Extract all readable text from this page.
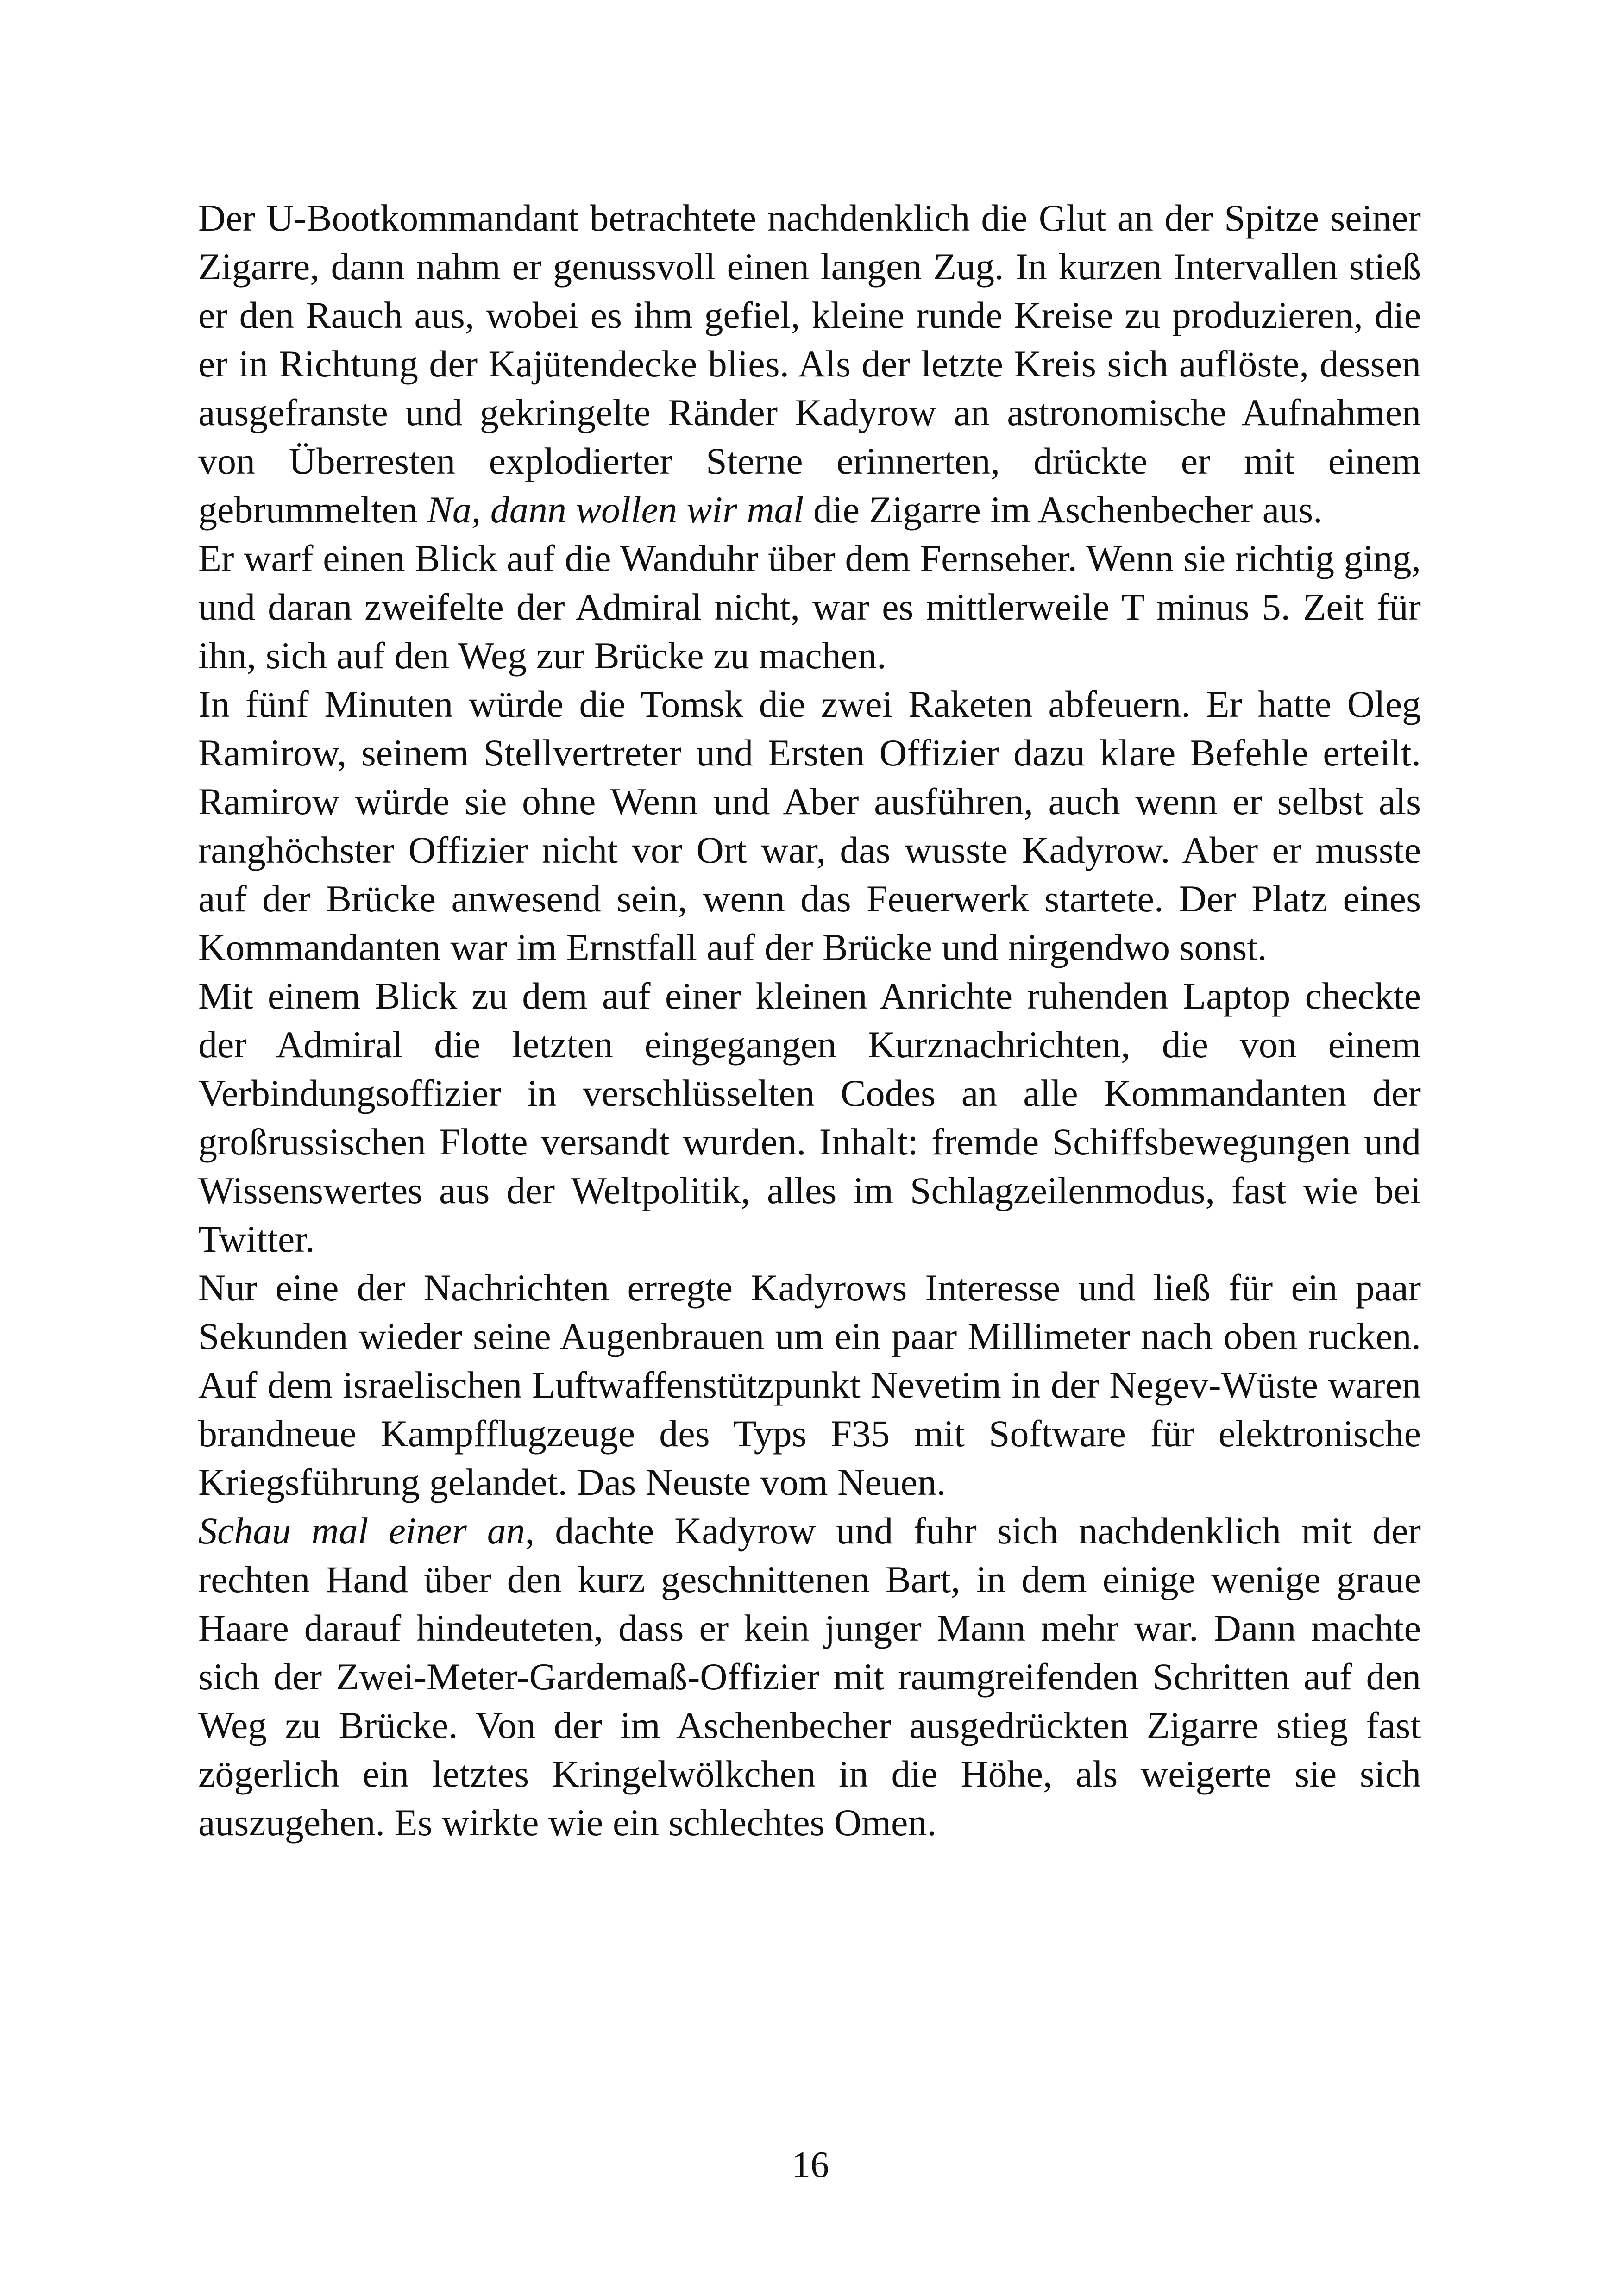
Der U-Bootkommandant betrachtete nachdenklich die Glut an der Spitze seiner Zigarre, dann nahm er genussvoll einen langen Zug. In kurzen Intervallen stieß er den Rauch aus, wobei es ihm gefiel, kleine runde Kreise zu produzieren, die er in Richtung der Kajütendecke blies. Als der letzte Kreis sich auflöste, dessen ausgefranste und gekringelte Ränder Kadyrow an astronomische Aufnahmen von Überresten explodierter Sterne erinnerten, drückte er mit einem gebrummelten Na, dann wollen wir mal die Zigarre im Aschenbecher aus.

Er warf einen Blick auf die Wanduhr über dem Fernseher. Wenn sie richtig ging, und daran zweifelte der Admiral nicht, war es mittlerweile T minus 5. Zeit für ihn, sich auf den Weg zur Brücke zu machen.

In fünf Minuten würde die Tomsk die zwei Raketen abfeuern. Er hatte Oleg Ramirow, seinem Stellvertreter und Ersten Offizier dazu klare Befehle erteilt. Ramirow würde sie ohne Wenn und Aber ausführen, auch wenn er selbst als ranghöchster Offizier nicht vor Ort war, das wusste Kadyrow. Aber er musste auf der Brücke anwesend sein, wenn das Feuerwerk startete. Der Platz eines Kommandanten war im Ernstfall auf der Brücke und nirgendwo sonst.

Mit einem Blick zu dem auf einer kleinen Anrichte ruhenden Laptop checkte der Admiral die letzten eingegangen Kurznachrichten, die von einem Verbindungsoffizier in verschlüsselten Codes an alle Kommandanten der großrussischen Flotte versandt wurden. Inhalt: fremde Schiffsbewegungen und Wissenswertes aus der Weltpolitik, alles im Schlagzeilenmodus, fast wie bei Twitter.

Nur eine der Nachrichten erregte Kadyrows Interesse und ließ für ein paar Sekunden wieder seine Augenbrauen um ein paar Millimeter nach oben rucken. Auf dem israelischen Luftwaffenstützpunkt Nevetim in der Negev-Wüste waren brandneue Kampfflugzeuge des Typs F35 mit Software für elektronische Kriegsführung gelandet. Das Neuste vom Neuen.

Schau mal einer an, dachte Kadyrow und fuhr sich nachdenklich mit der rechten Hand über den kurz geschnittenen Bart, in dem einige wenige graue Haare darauf hindeuteten, dass er kein junger Mann mehr war. Dann machte sich der Zwei-Meter-Gardemaß-Offizier mit raumgreifenden Schritten auf den Weg zu Brücke. Von der im Aschenbecher ausgedrückten Zigarre stieg fast zögerlich ein letztes Kringelwölkchen in die Höhe, als weigerte sie sich auszugehen. Es wirkte wie ein schlechtes Omen.

16
